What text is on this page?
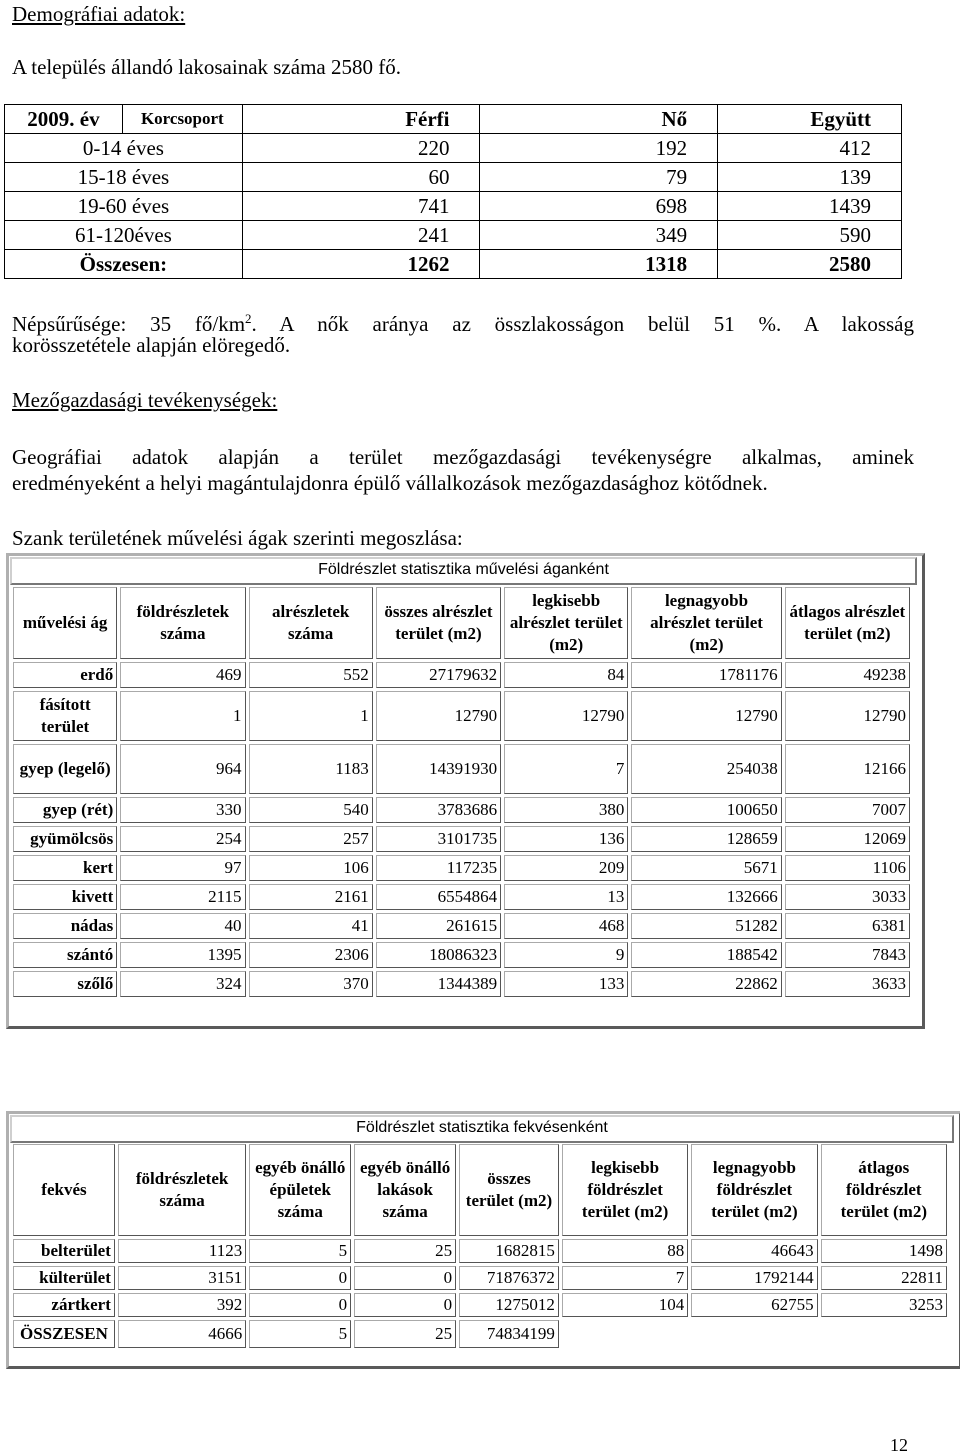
Demográfiai adatok:
A település állandó lakosainak száma 2580 fő.
2009. év	Korcsoport	Férfi	Nő	Együtt
0-14 éves		220	192	412
15-18 éves		60	79	139
19-60 éves		741	698	1439
61-120éves		241	349	590
Összesen:		1262	1318	2580
Népsűrűsége: 35 $fő/km^2$. A nők aránya az összlakosságon belül 51 %. A lakosság
korösszetétele alapján elöregedő.
Mezőgazdasági tevékenységek:
Geográfiai adatok alapján a terület mezőgazdasági tevékenységre alkalmas, aminek
eredményeként a helyi magántulajdonra épülő vállalkozások mezőgazdasághoz kötődnek.
Szank területének művelési ágak szerinti megoszlása:
Földrészlet statisztika művelési áganként
művelési ág	földrészletek száma	alrészletek száma	összes alrészlet terület (m2)	legkisebb alrészlet terület (m2)	legnagyobb alrészlet terület (m2)	átlagos alrészlet terület (m2)
erdő	469	552	27179632	84	1781176	49238
fásított terület	1	1	12790	12790	12790	12790
gyep (legelő)	964	1183	14391930	7	254038	12166
gyep (rét)	330	540	3783686	380	100650	7007
gyümölcsös	254	257	3101735	136	128659	12069
kert	97	106	117235	209	5671	1106
kivett	2115	2161	6554864	13	132666	3033
nádas	40	41	261615	468	51282	6381
szántó	1395	2306	18086323	9	188542	7843
szőlő	324	370	1344389	133	22862	3633
Földrészlet statisztika fekvésenként
fekvés	földrészletek száma	egyéb önálló épületek száma	egyéb önálló lakások száma	összes terület (m2)	legkisebb földrészlet terület (m2)	legnagyobb földrészlet terület (m2)	átlagos földrészlet terület (m2)
belterület	1123	5	25	1682815	88	46643	1498
külterület	3151	0	0	71876372	7	1792144	22811
zártkert	392	0	0	1275012	104	62755	3253
ÖSSZESEN	4666	5	25	74834199			
12
